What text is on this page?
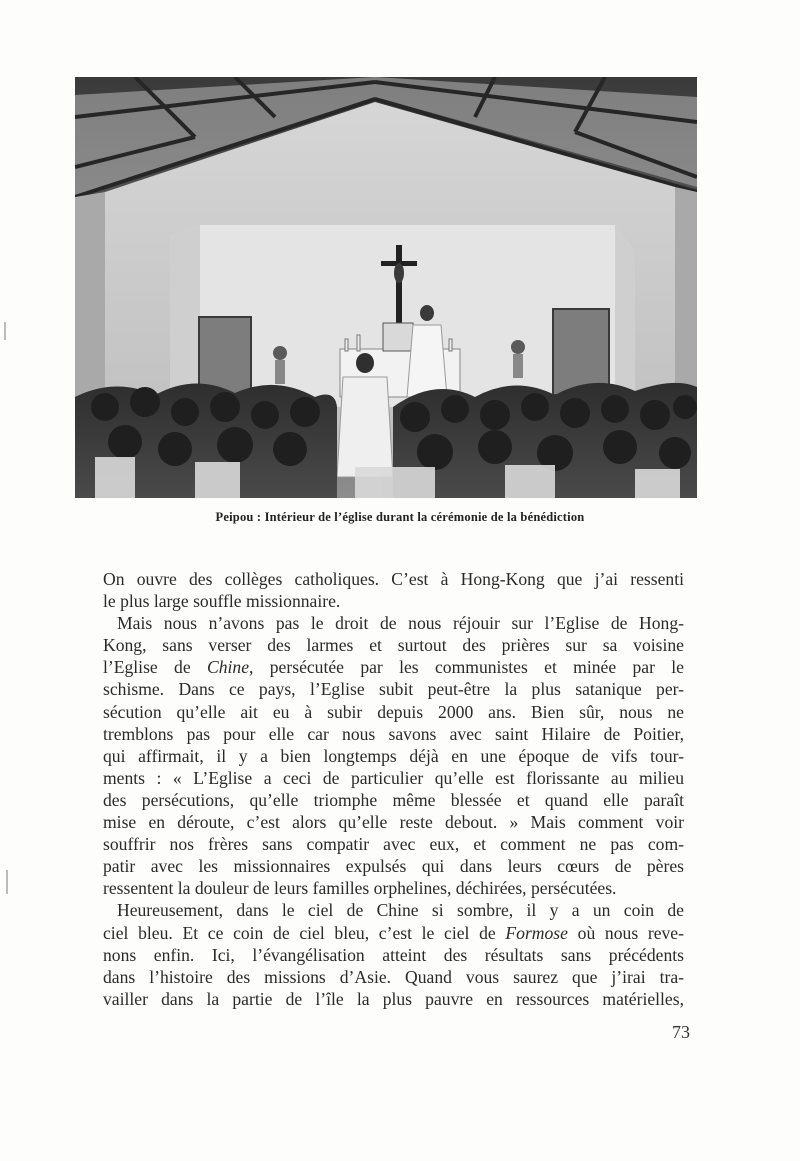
Peipou : Intérieur de l’église durant la cérémonie de la bénédiction
On ouvre des collèges catholiques. C’est à Hong-Kong que j’ai ressenti
le plus large souffle missionnaire.
Mais nous n’avons pas le droit de nous réjouir sur l’Eglise de Hong-
Kong, sans verser des larmes et surtout des prières sur sa voisine
l’Eglise de Chine, persécutée par les communistes et minée par le
schisme. Dans ce pays, l’Eglise subit peut-être la plus satanique per-
sécution qu’elle ait eu à subir depuis 2000 ans. Bien sûr, nous ne
tremblons pas pour elle car nous savons avec saint Hilaire de Poitier,
qui affirmait, il y a bien longtemps déjà en une époque de vifs tour-
ments : « L’Eglise a ceci de particulier qu’elle est florissante au milieu
des persécutions, qu’elle triomphe même blessée et quand elle paraît
mise en déroute, c’est alors qu’elle reste debout. » Mais comment voir
souffrir nos frères sans compatir avec eux, et comment ne pas com-
patir avec les missionnaires expulsés qui dans leurs cœurs de pères
ressentent la douleur de leurs familles orphelines, déchirées, persécutées.
Heureusement, dans le ciel de Chine si sombre, il y a un coin de
ciel bleu. Et ce coin de ciel bleu, c’est le ciel de Formose où nous reve-
nons enfin. Ici, l’évangélisation atteint des résultats sans précédents
dans l’histoire des missions d’Asie. Quand vous saurez que j’irai tra-
vailler dans la partie de l’île la plus pauvre en ressources matérielles,
73
